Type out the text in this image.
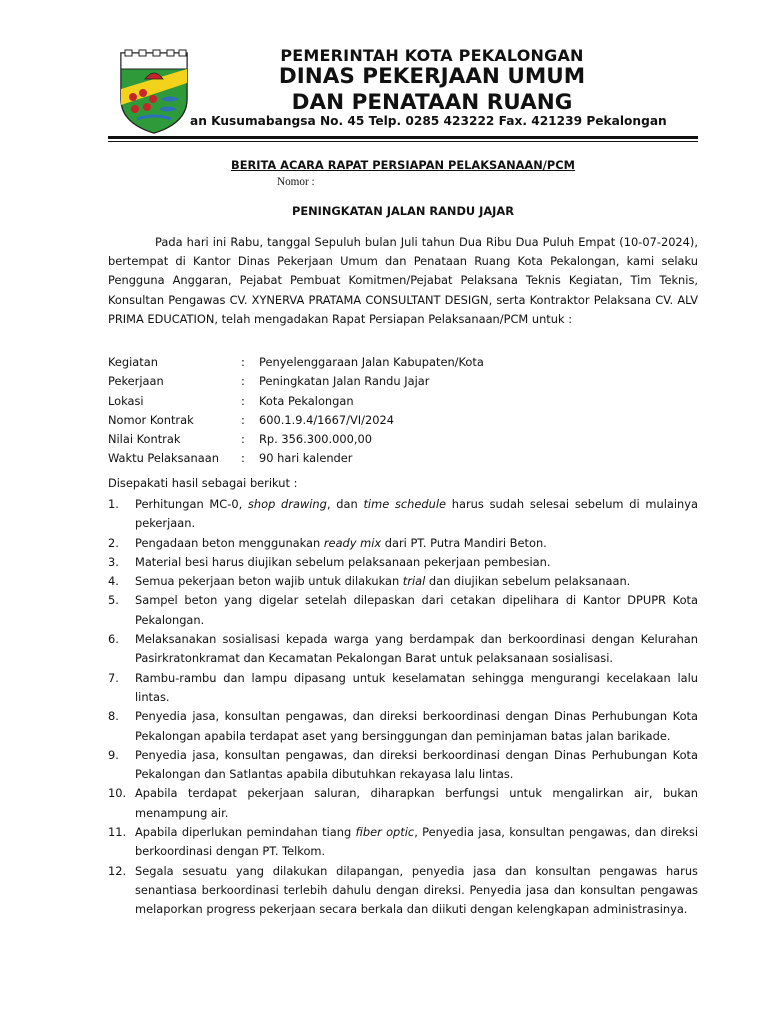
PEMERINTAH KOTA PEKALONGAN
DINAS PEKERJAAN UMUM
DAN PENATAAN RUANG
an Kusumabangsa No. 45 Telp. 0285 423222 Fax. 421239 Pekalongan
BERITA ACARA RAPAT PERSIAPAN PELAKSANAAN/PCM
Nomor :
PENINGKATAN JALAN RANDU JAJAR
Pada hari ini Rabu, tanggal Sepuluh bulan Juli tahun Dua Ribu Dua Puluh Empat (10-07-2024), bertempat di Kantor Dinas Pekerjaan Umum dan Penataan Ruang Kota Pekalongan, kami selaku Pengguna Anggaran, Pejabat Pembuat Komitmen/Pejabat Pelaksana Teknis Kegiatan, Tim Teknis, Konsultan Pengawas CV. XYNERVA PRATAMA CONSULTANT DESIGN, serta Kontraktor Pelaksana CV. ALV PRIMA EDUCATION, telah mengadakan Rapat Persiapan Pelaksanaan/PCM untuk :
Kegiatan	:	Penyelenggaraan Jalan Kabupaten/Kota
Pekerjaan	:	Peningkatan Jalan Randu Jajar
Lokasi	:	Kota Pekalongan
Nomor Kontrak	:	600.1.9.4/1667/VI/2024
Nilai Kontrak	:	Rp. 356.300.000,00
Waktu Pelaksanaan	:	90 hari kalender
Disepakati hasil sebagai berikut :
1.	Perhitungan MC-0, shop drawing, dan time schedule harus sudah selesai sebelum di mulainya pekerjaan.
2.	Pengadaan beton menggunakan ready mix dari PT. Putra Mandiri Beton.
3.	Material besi harus diujikan sebelum pelaksanaan pekerjaan pembesian.
4.	Semua pekerjaan beton wajib untuk dilakukan trial dan diujikan sebelum pelaksanaan.
5.	Sampel beton yang digelar setelah dilepaskan dari cetakan dipelihara di Kantor DPUPR Kota Pekalongan.
6.	Melaksanakan sosialisasi kepada warga yang berdampak dan berkoordinasi dengan Kelurahan Pasirkratonkramat dan Kecamatan Pekalongan Barat untuk pelaksanaan sosialisasi.
7.	Rambu-rambu dan lampu dipasang untuk keselamatan sehingga mengurangi kecelakaan lalu lintas.
8.	Penyedia jasa, konsultan pengawas, dan direksi berkoordinasi dengan Dinas Perhubungan Kota Pekalongan apabila terdapat aset yang bersinggungan dan peminjaman batas jalan barikade.
9.	Penyedia jasa, konsultan pengawas, dan direksi berkoordinasi dengan Dinas Perhubungan Kota Pekalongan dan Satlantas apabila dibutuhkan rekayasa lalu lintas.
10. Apabila terdapat pekerjaan saluran, diharapkan berfungsi untuk mengalirkan air, bukan menampung air.
11. Apabila diperlukan pemindahan tiang fiber optic, Penyedia jasa, konsultan pengawas, dan direksi berkoordinasi dengan PT. Telkom.
12. Segala sesuatu yang dilakukan dilapangan, penyedia jasa dan konsultan pengawas harus senantiasa berkoordinasi terlebih dahulu dengan direksi. Penyedia jasa dan konsultan pengawas melaporkan progress pekerjaan secara berkala dan diikuti dengan kelengkapan administrasinya.
